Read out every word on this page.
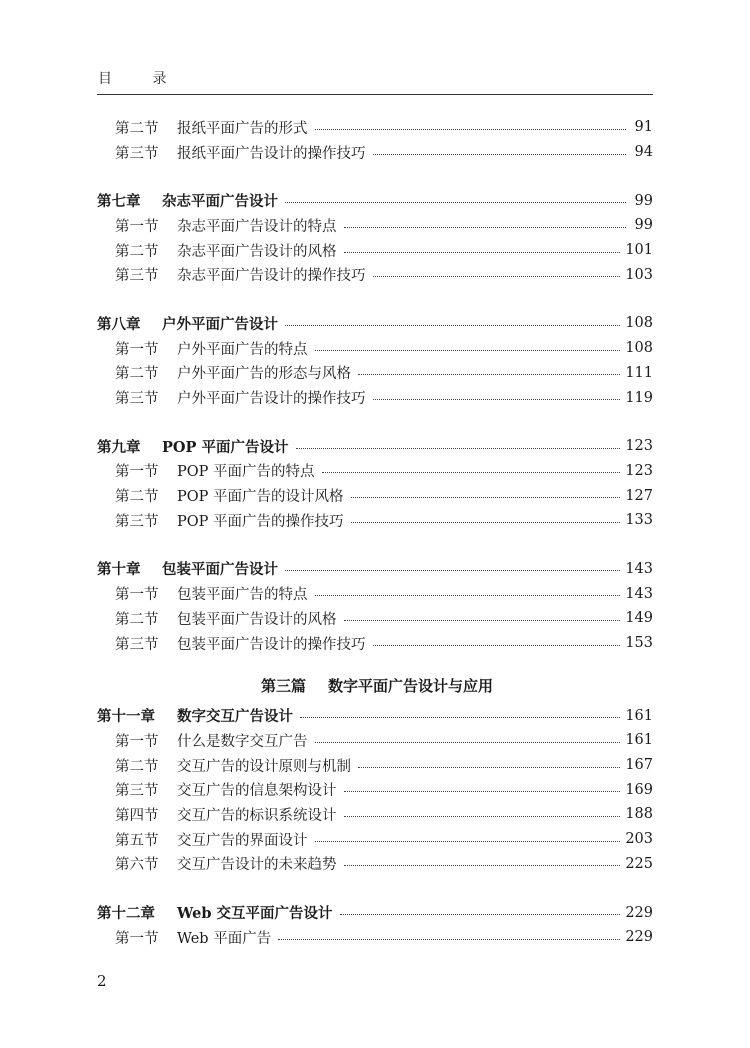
目 录
第二节	报纸平面广告的形式	91
第三节	报纸平面广告设计的操作技巧	94
第七章	杂志平面广告设计	99
第一节	杂志平面广告设计的特点	99
第二节	杂志平面广告设计的风格	101
第三节	杂志平面广告设计的操作技巧	103
第八章	户外平面广告设计	108
第一节	户外平面广告的特点	108
第二节	户外平面广告的形态与风格	111
第三节	户外平面广告设计的操作技巧	119
第九章	POP 平面广告设计	123
第一节	POP 平面广告的特点	123
第二节	POP 平面广告的设计风格	127
第三节	POP 平面广告的操作技巧	133
第十章	包装平面广告设计	143
第一节	包装平面广告的特点	143
第二节	包装平面广告设计的风格	149
第三节	包装平面广告设计的操作技巧	153
第三篇 数字平面广告设计与应用
第十一章	数字交互广告设计	161
第一节	什么是数字交互广告	161
第二节	交互广告的设计原则与机制	167
第三节	交互广告的信息架构设计	169
第四节	交互广告的标识系统设计	188
第五节	交互广告的界面设计	203
第六节	交互广告设计的未来趋势	225
第十二章	Web 交互平面广告设计	229
第一节	Web 平面广告	229
2
